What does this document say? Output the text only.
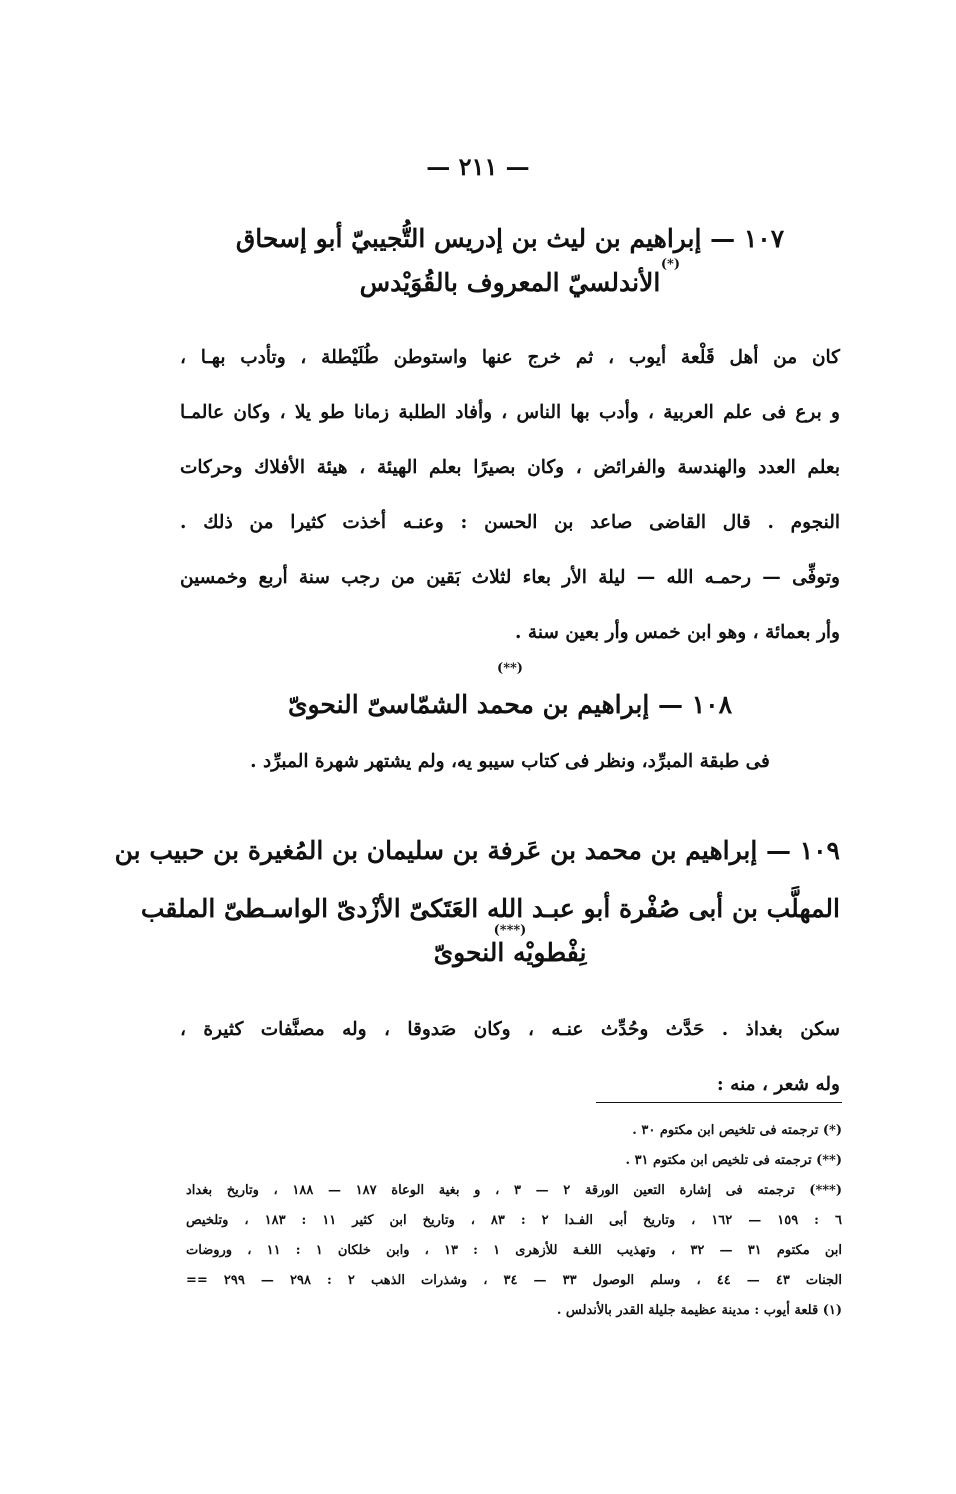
— ٢١١ —
١٠٧ — إبراهيم بن ليث بن إدريس التُّجيبيّ أبو إسحاق
(*)
الأندلسيّ المعروف بالقُوَيْدس
كان من أهل قَلْعة أيوب ، ثم خرج عنها واستوطن طُلَيْطلة ، وتأدب بهـا ،
و برع فى علم العربية ، وأدب بها الناس ، وأفاد الطلبة زمانا طو يلا ، وكان عالمـا
بعلم العدد والهندسة والفرائض ، وكان بصيرًا بعلم الهيئة ، هيئة الأفلاك وحركات
النجوم . قال القاضى صاعد بن الحسن : وعنـه أخذت كثيرا من ذلك .
وتوفِّى — رحمـه الله — ليلة الأر بعاء لثلاث بَقين من رجب سنة أربع وخمسين
وأر بعمائة ، وهو ابن خمس وأر بعين سنة .
(**)
١٠٨ — إبراهيم بن محمد الشمّاسىّ النحوىّ
فى طبقة المبرِّد، ونظر فى كتاب سيبو يه، ولم يشتهر شهرة المبرِّد .
١٠٩ — إبراهيم بن محمد بن عَرفة بن سليمان بن المُغيرة بن حبيب بن
المهلَّب بن أبى صُفْرة أبو عبـد الله العَتَكىّ الأزْدىّ الواسـطىّ الملقب
(***)
نِفْطويْه النحوىّ
سكن بغداذ . حَدَّث وحُدِّث عنـه ، وكان صَدوقا ، وله مصنَّفات كثيرة ،
وله شعر ، منه :
(*) ترجمته فى تلخيص ابن مكتوم ٣٠ .
(**) ترجمته فى تلخيص ابن مكتوم ٣١ .
(***) ترجمته فى إشارة التعين الورقة ٢ — ٣ ، و بغية الوعاة ١٨٧ — ١٨٨ ، وتاريخ بغداد
٦ : ١٥٩ — ١٦٢ ، وتاريخ أبى الفـدا ٢ : ٨٣ ، وتاريخ ابن كثير ١١ : ١٨٣ ، وتلخيص
ابن مكتوم ٣١ — ٣٢ ، وتهذيب اللغـة للأزهرى ١ : ١٣ ، وابن خلكان ١ : ١١ ، وروضات
الجنات ٤٣ — ٤٤ ، وسلم الوصول ٣٣ — ٣٤ ، وشذرات الذهب ٢ : ٢٩٨ — ٢٩٩ ==
(١) قلعة أيوب : مدينة عظيمة جليلة القدر بالأندلس .
